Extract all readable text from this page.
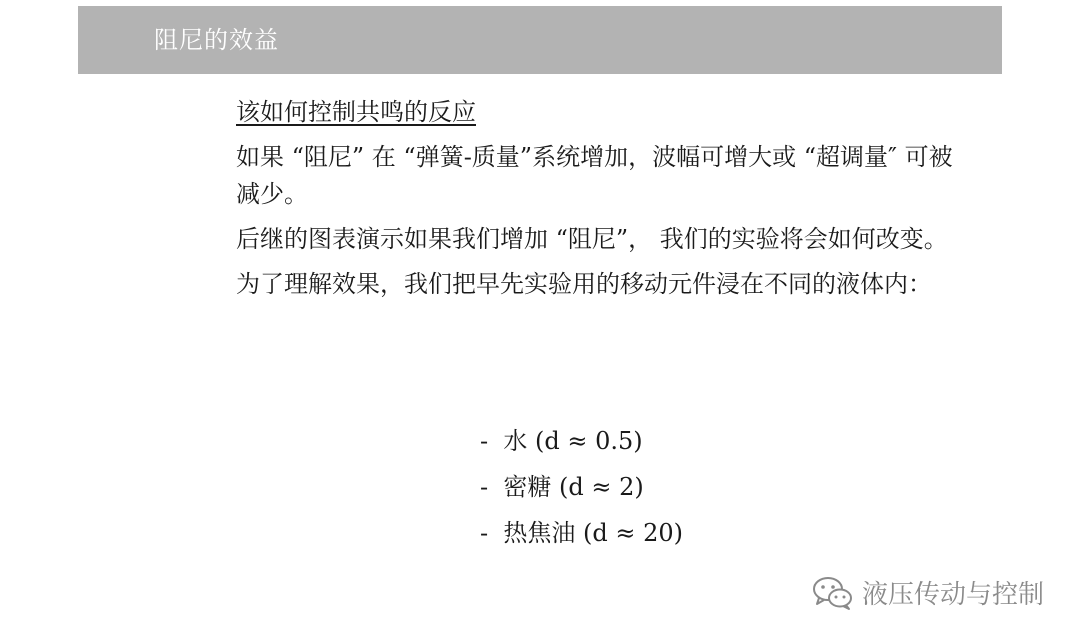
阻尼的效益
该如何控制共鸣的反应

如果 “阻尼” 在 “弹簧-质量”系统增加，波幅可增大或 “超调量″ 可被减少。

后继的图表演示如果我们增加 “阻尼”， 我们的实验将会如何改变。

为了理解效果，我们把早先实验用的移动元件浸在不同的液体内：

-  水 (d ≈ 0.5)
-  密糖 (d ≈ 2)
-  热焦油 (d ≈ 20)
液压传动与控制
